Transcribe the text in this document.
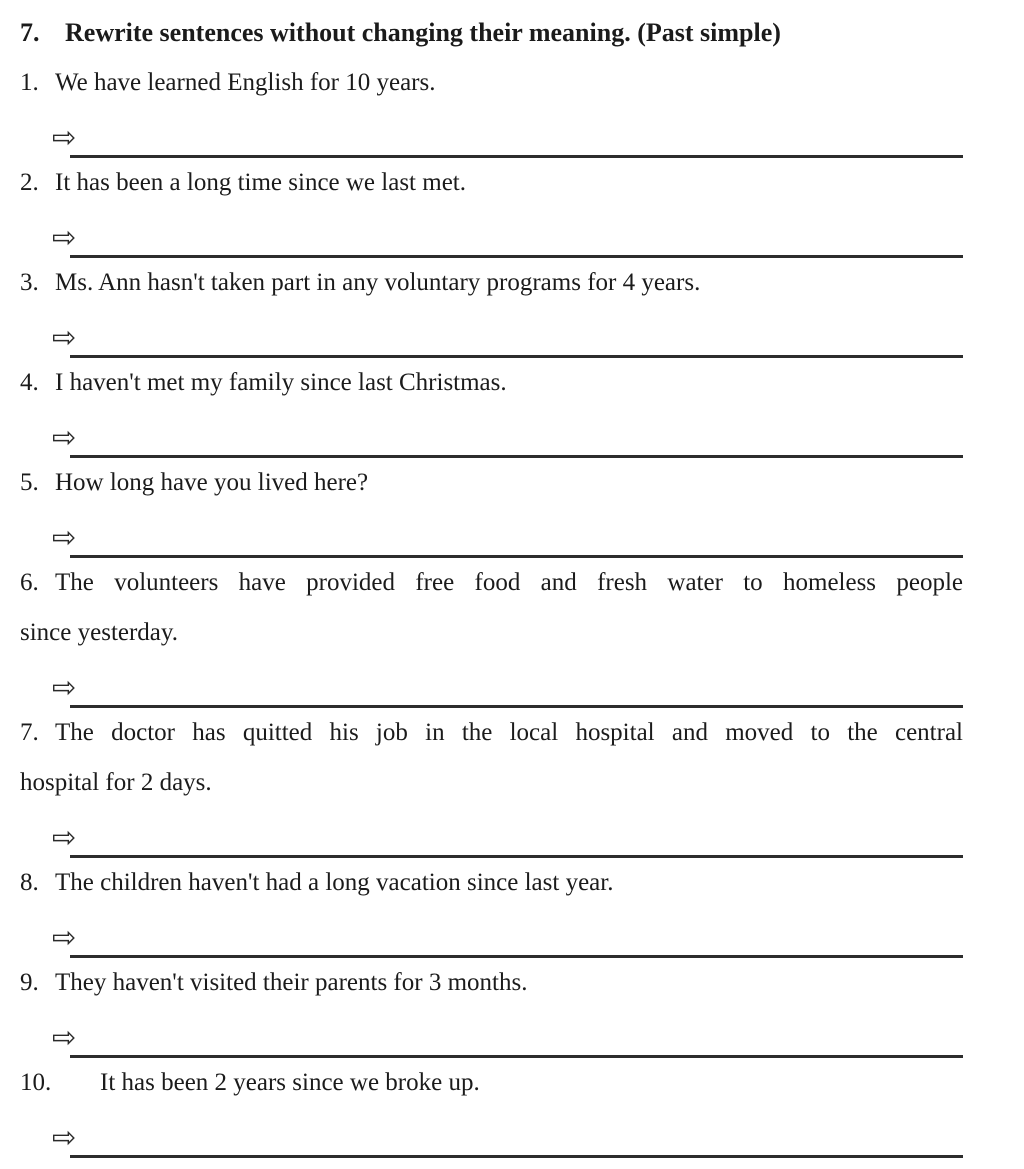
7. Rewrite sentences without changing their meaning. (Past simple)
1. We have learned English for 10 years.
⇨
2. It has been a long time since we last met.
⇨
3. Ms. Ann hasn't taken part in any voluntary programs for 4 years.
⇨
4. I haven't met my family since last Christmas.
⇨
5. How long have you lived here?
⇨
6. The volunteers have provided free food and fresh water to homeless people
since yesterday.
⇨
7. The doctor has quitted his job in the local hospital and moved to the central
hospital for 2 days.
⇨
8. The children haven't had a long vacation since last year.
⇨
9. They haven't visited their parents for 3 months.
⇨
10. It has been 2 years since we broke up.
⇨
